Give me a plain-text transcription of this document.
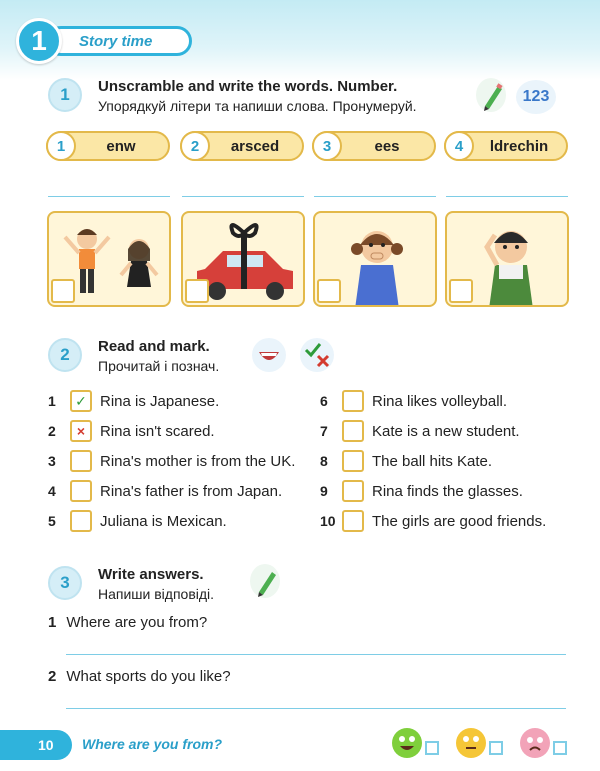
Story time
1
1	Unscramble and write the words. Number.
Упорядкуй літери та напиши слова. Пронумеруй.
123
1	enw	2	arsced	3	ees	4	ldrechin
2	Read and mark.
Прочитай і познач.
1	✓ Rina is Japanese.
2	× Rina isn't scared.
3	Rina's mother is from the UK.
4	Rina's father is from Japan.
5	Juliana is Mexican.
6	Rina likes volleyball.
7	Kate is a new student.
8	The ball hits Kate.
9	Rina finds the glasses.
10	The girls are good friends.
3	Write answers.
Напиши відповіді.
1 Where are you from?
2 What sports do you like?
10	Where are you from?
